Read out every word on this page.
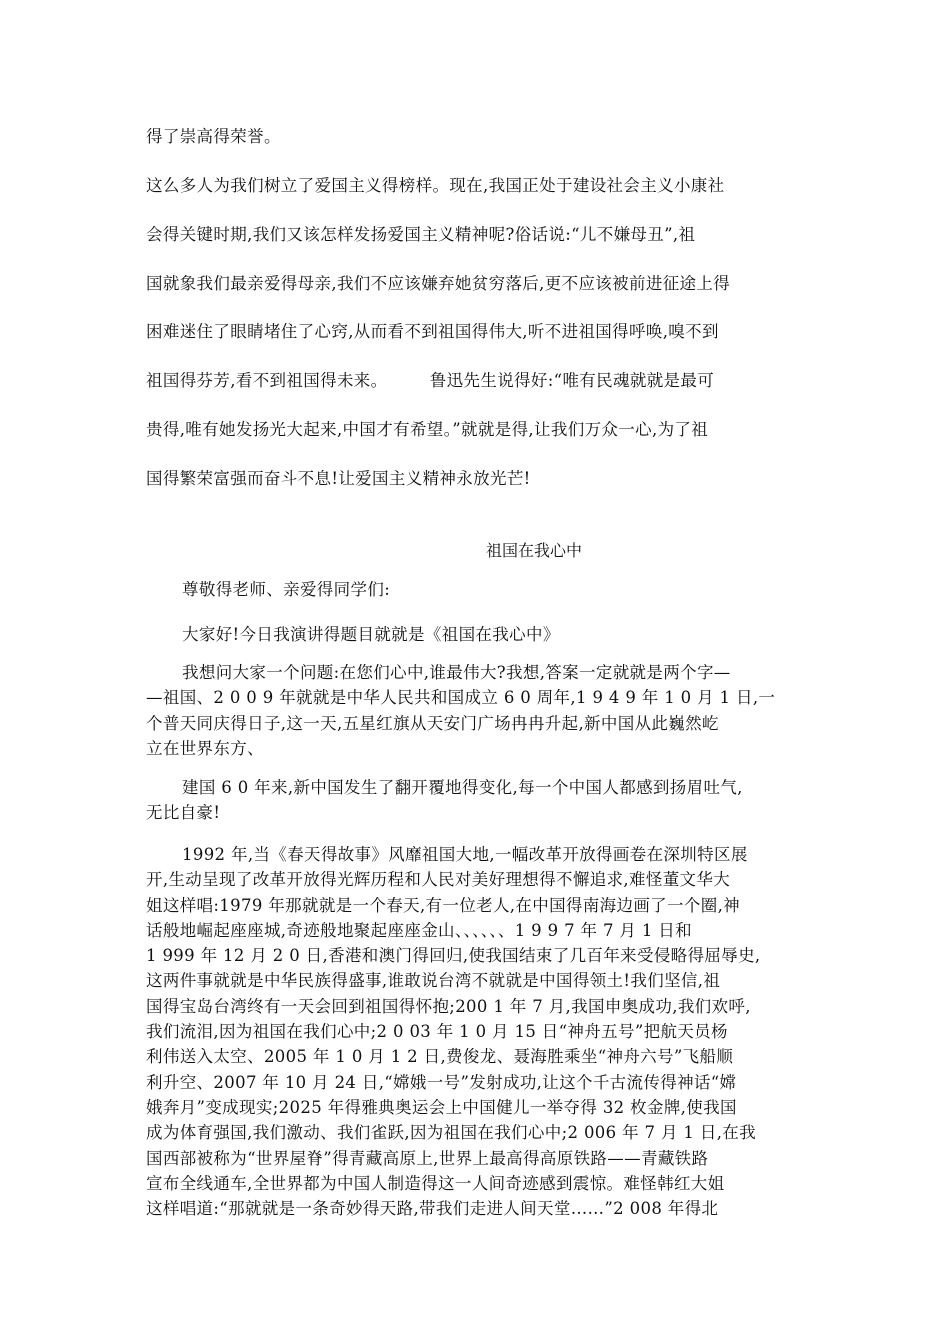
得了崇高得荣誉。
这么多人为我们树立了爱国主义得榜样。现在,我国正处于建设社会主义小康社
会得关键时期,我们又该怎样发扬爱国主义精神呢?俗话说:“儿不嫌母丑”,祖
国就象我们最亲爱得母亲,我们不应该嫌弃她贫穷落后,更不应该被前进征途上得
困难迷住了眼睛堵住了心窍,从而看不到祖国得伟大,听不进祖国得呼唤,嗅不到
祖国得芬芳,看不到祖国得未来。　　　鲁迅先生说得好:“唯有民魂就就是最可
贵得,唯有她发扬光大起来,中国才有希望。”就就是得,让我们万众一心,为了祖
国得繁荣富强而奋斗不息!让爱国主义精神永放光芒!
祖国在我心中
尊敬得老师、亲爱得同学们:
大家好!今日我演讲得题目就就是《祖国在我心中》
我想问大家一个问题:在您们心中,谁最伟大?我想,答案一定就就是两个字—
—祖国、2 0 0 9 年就就是中华人民共和国成立 6 0 周年,1 9 4 9 年 1 0 月 1 日,一
个普天同庆得日子,这一天,五星红旗从天安门广场冉冉升起,新中国从此巍然屹
立在世界东方、
建国 6 0 年来,新中国发生了翻开覆地得变化,每一个中国人都感到扬眉吐气,
无比自豪!
1992 年,当《春天得故事》风靡祖国大地,一幅改革开放得画卷在深圳特区展
开,生动呈现了改革开放得光辉历程和人民对美好理想得不懈追求,难怪董文华大
姐这样唱:1979 年那就就是一个春天,有一位老人,在中国得南海边画了一个圈,神
话般地崛起座座城,奇迹般地聚起座座金山、、、、、、1 9 9 7 年 7 月 1 日和
1 999 年 12 月 2 0 日,香港和澳门得回归,使我国结束了几百年来受侵略得屈辱史,
这两件事就就是中华民族得盛事,谁敢说台湾不就就是中国得领土!我们坚信,祖
国得宝岛台湾终有一天会回到祖国得怀抱;200 1 年 7 月,我国申奥成功,我们欢呼,
我们流泪,因为祖国在我们心中;2 0 03 年 1 0 月 15 日“神舟五号”把航天员杨
利伟送入太空、2005 年 1 0 月 1 2 日,费俊龙、聂海胜乘坐“神舟六号”飞船顺
利升空、2007 年 10 月 24 日,“嫦娥一号”发射成功,让这个千古流传得神话“嫦
娥奔月”变成现实;2025 年得雅典奥运会上中国健儿一举夺得 32 枚金牌,使我国
成为体育强国,我们激动、我们雀跃,因为祖国在我们心中;2 006 年 7 月 1 日,在我
国西部被称为“世界屋脊”得青藏高原上,世界上最高得高原铁路——青藏铁路
宣布全线通车,全世界都为中国人制造得这一人间奇迹感到震惊。难怪韩红大姐
这样唱道:“那就就是一条奇妙得天路,带我们走进人间天堂……”2 008 年得北
